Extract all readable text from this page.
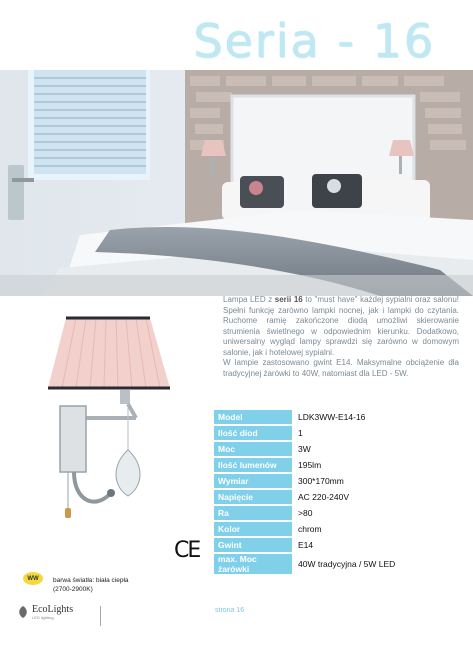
Seria - 16
Lampa LED z serii 16 to "must have" każdej sypialni oraz salonu! Spełni funkcję zarówno lampki nocnej, jak i lampki do czytania. Ruchome ramię zakończone diodą umożliwi skierowanie strumienia świetlnego w odpowiednim kierunku. Dodatkowo, uniwersalny wygląd lampy sprawdzi się zarówno w domowym salonie, jak i hotelowej sypialni.
W lampie zastosowano gwint E14. Maksymalne obciążenie dla tradycyjnej żarówki to 40W, natomiast dla LED - 5W.
Model	LDK3WW-E14-16
Ilość diod	1
Moc	3W
Ilość lumenów	195lm
Wymiar	300*170mm
Napięcie	AC 220-240V
Ra	>80
Kolor	chrom
Gwint	E14
max. Moc żarówki	40W tradycyjna / 5W LED
CE
WW	barwa światła: biała ciepła (2700-2900K)
EcoLights
LED lighting
strona 16
